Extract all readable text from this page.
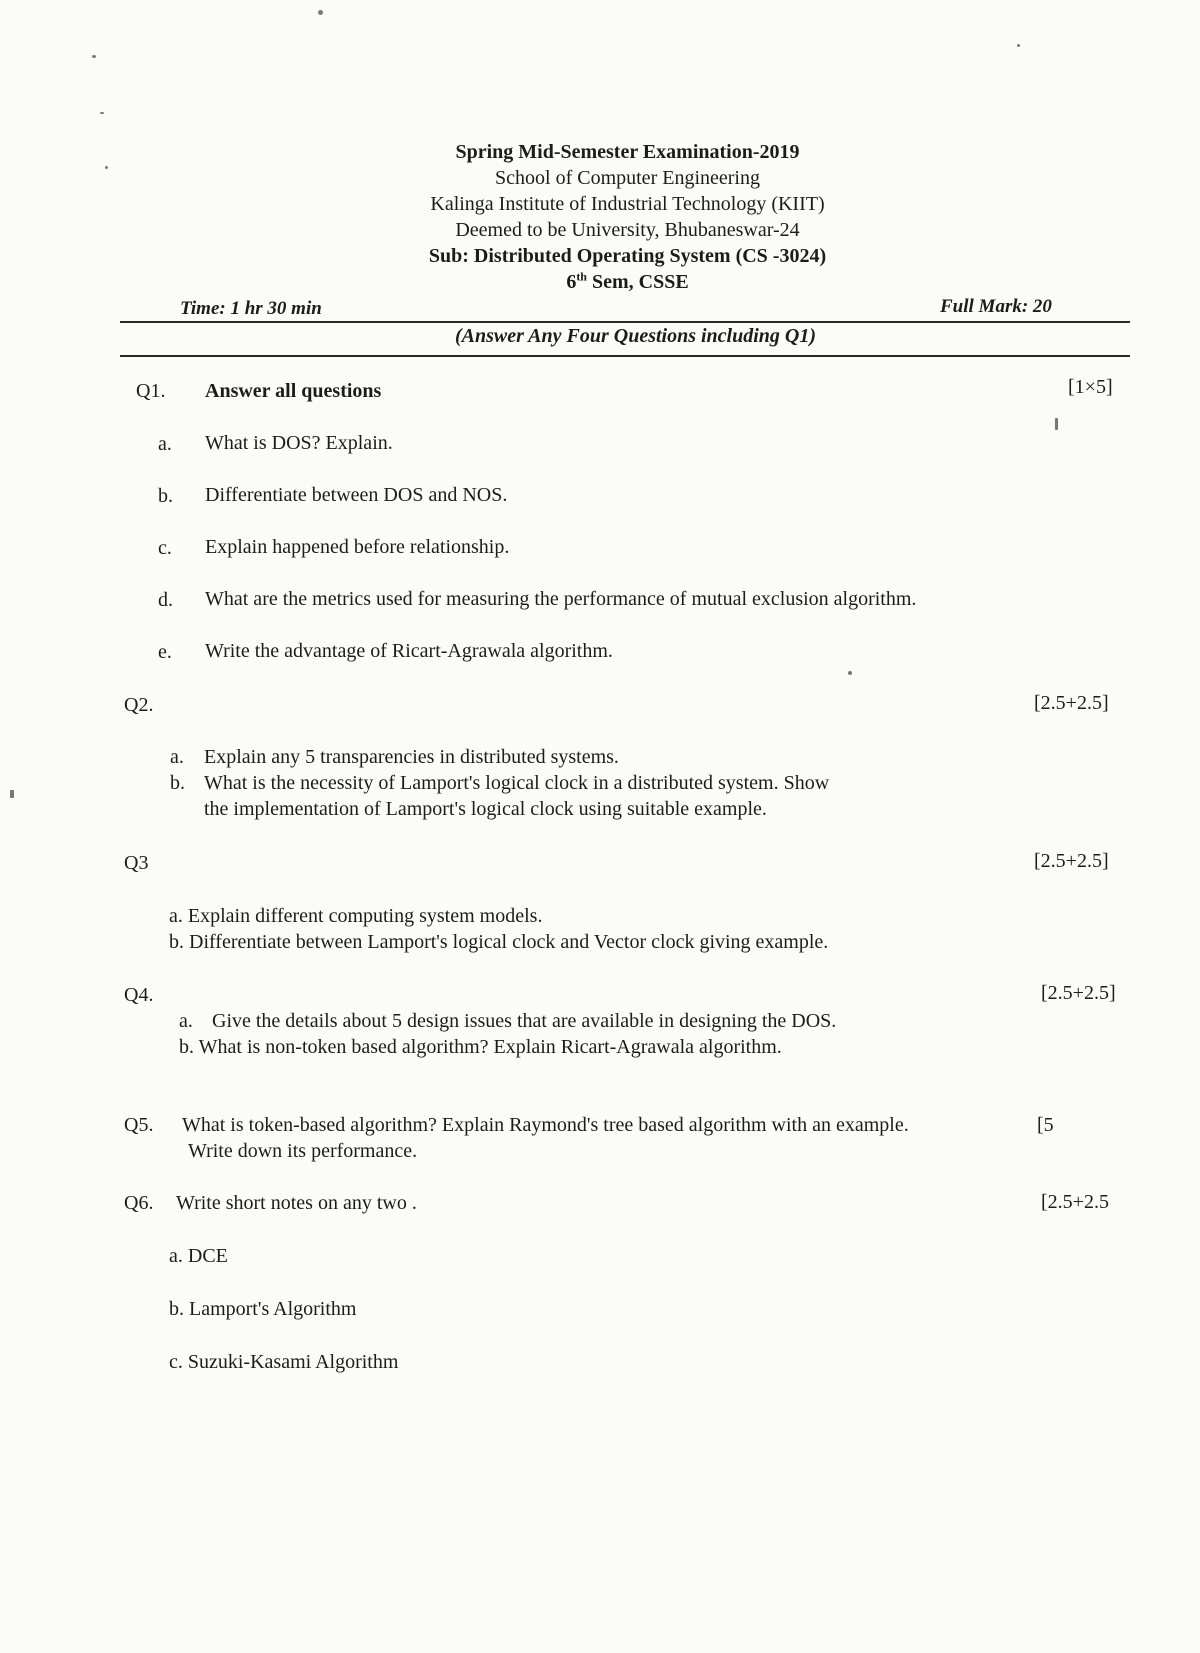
Spring Mid-Semester Examination-2019
School of Computer Engineering
Kalinga Institute of Industrial Technology (KIIT)
Deemed to be University, Bhubaneswar-24
Sub: Distributed Operating System (CS -3024)
6th Sem, CSSE
Time: 1 hr 30 min	Full Mark: 20
(Answer Any Four Questions including Q1)
Q1. Answer all questions	[1×5]
a. What is DOS? Explain.
b. Differentiate between DOS and NOS.
c. Explain happened before relationship.
d. What are the metrics used for measuring the performance of mutual exclusion algorithm.
e. Write the advantage of Ricart-Agrawala algorithm.
Q2.	[2.5+2.5]
a. Explain any 5 transparencies in distributed systems.
b. What is the necessity of Lamport's logical clock in a distributed system. Show
the implementation of Lamport's logical clock using suitable example.
Q3	[2.5+2.5]
a. Explain different computing system models.
b. Differentiate between Lamport's logical clock and Vector clock giving example.
Q4.	[2.5+2.5]
a. Give the details about 5 design issues that are available in designing the DOS.
b. What is non-token based algorithm? Explain Ricart-Agrawala algorithm.
Q5. What is token-based algorithm? Explain Raymond's tree based algorithm with an example.	[5
Write down its performance.
Q6. Write short notes on any two .	[2.5+2.5
a. DCE
b. Lamport's Algorithm
c. Suzuki-Kasami Algorithm
